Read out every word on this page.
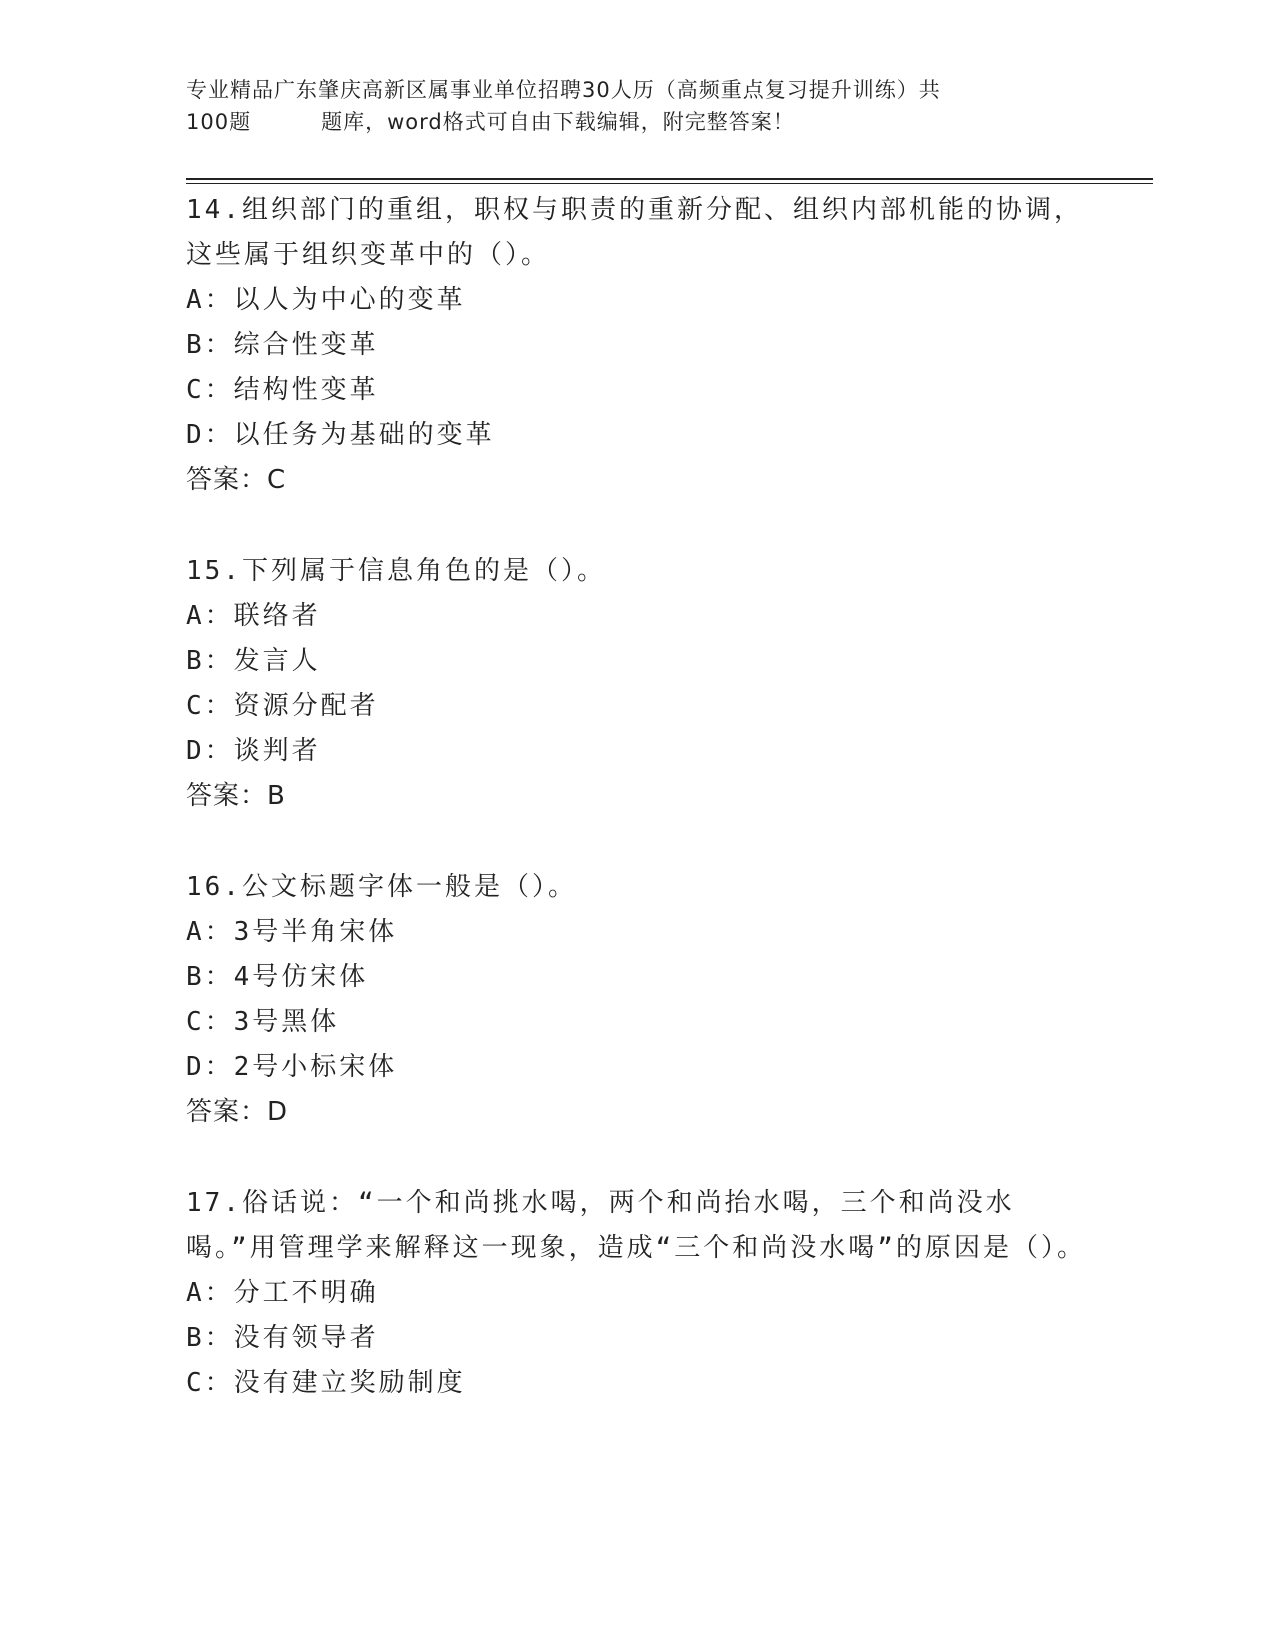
专业精品广东肇庆高新区属事业单位招聘30人历（高频重点复习提升训练）共
100题	题库，word格式可自由下载编辑，附完整答案！
14.组织部门的重组，职权与职责的重新分配、组织内部机能的协调，这些属于组织变革中的（）。
A：以人为中心的变革
B：综合性变革
C：结构性变革
D：以任务为基础的变革
答案：C
15.下列属于信息角色的是（）。
A：联络者
B：发言人
C：资源分配者
D：谈判者
答案：B
16.公文标题字体一般是（）。
A：3号半角宋体
B：4号仿宋体
C：3号黑体
D：2号小标宋体
答案：D
17.俗话说：“一个和尚挑水喝，两个和尚抬水喝，三个和尚没水喝。”用管理学来解释这一现象，造成“三个和尚没水喝”的原因是（）。
A：分工不明确
B：没有领导者
C：没有建立奖励制度
